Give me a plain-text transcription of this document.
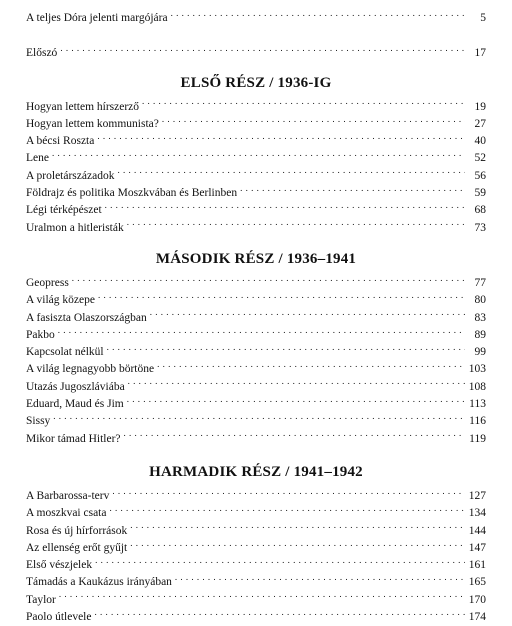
A teljes Dóra jelenti margójára . . .	5
Előszó . . .	17
ELSŐ RÉSZ / 1936-IG
Hogyan lettem hírszerző . . .	19
Hogyan lettem kommunista? . . .	27
A bécsi Roszta . . .	40
Lene . . .	52
A proletárszázadok . . .	56
Földrajz és politika Moszkvában és Berlinben . . .	59
Légi térképészet . . .	68
Uralmon a hitleristák . . .	73
MÁSODIK RÉSZ / 1936–1941
Geopress . . .	77
A világ közepe . . .	80
A fasiszta Olaszországban . . .	83
Pakbo . . .	89
Kapcsolat nélkül . . .	99
A világ legnagyobb börtöne . . .	103
Utazás Jugoszláviába . . .	108
Eduard, Maud és Jim . . .	113
Sissy . . .	116
Mikor támad Hitler? . . .	119
HARMADIK RÉSZ / 1941–1942
A Barbarossa-terv . . .	127
A moszkvai csata . . .	134
Rosa és új hírforrások . . .	144
Az ellenség erőt gyűjt . . .	147
Első vészjelek . . .	161
Támadás a Kaukázus irányában . . .	165
Taylor . . .	170
Paolo útlevele . . .	174
